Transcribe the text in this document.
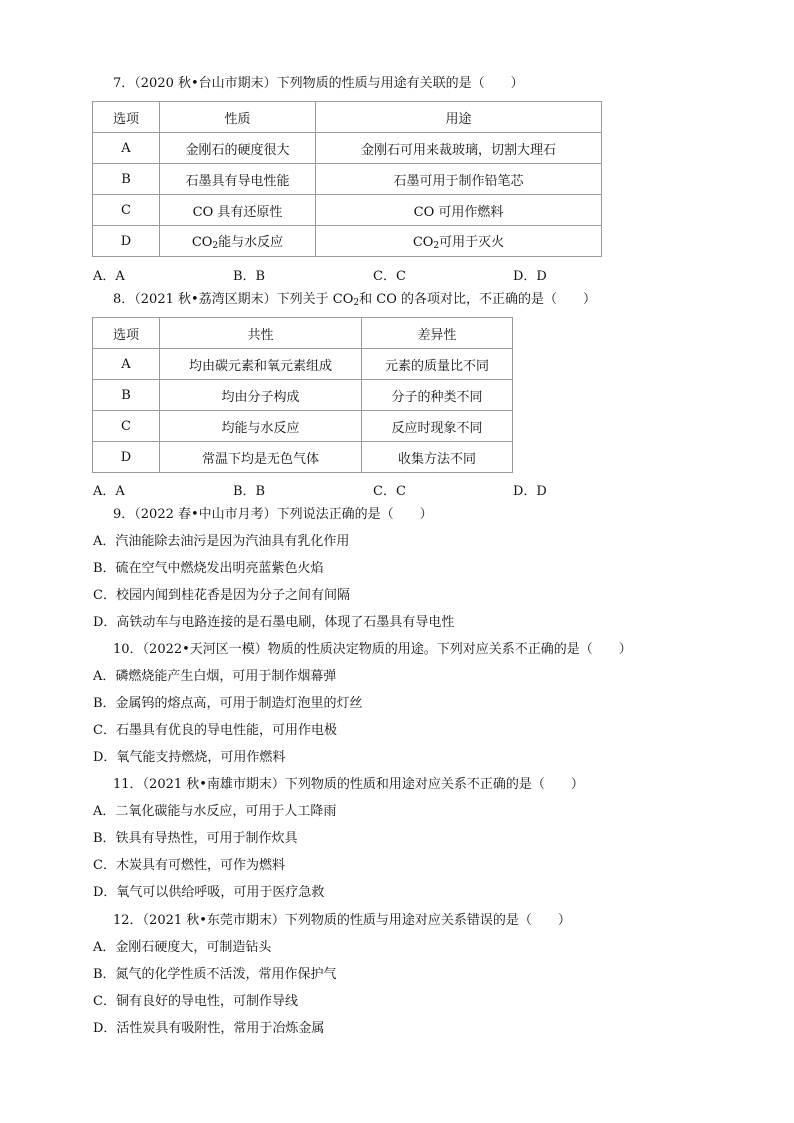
7．（2020 秋•台山市期末）下列物质的性质与用途有关联的是（　　）
选项	性质	用途
A	金刚石的硬度很大	金刚石可用来裁玻璃，切割大理石
B	石墨具有导电性能	石墨可用于制作铅笔芯
C	CO 具有还原性	CO 可用作燃料
D	$CO_2$能与水反应	$CO_2$可用于灭火
A．A	B．B	C．C	D．D
8．（2021 秋•荔湾区期末）下列关于 $CO_2$和 CO 的各项对比，不正确的是（　　）
选项	共性	差异性
A	均由碳元素和氧元素组成	元素的质量比不同
B	均由分子构成	分子的种类不同
C	均能与水反应	反应时现象不同
D	常温下均是无色气体	收集方法不同
A．A	B．B	C．C	D．D
9．（2022 春•中山市月考）下列说法正确的是（　　）
A．汽油能除去油污是因为汽油具有乳化作用
B．硫在空气中燃烧发出明亮蓝紫色火焰
C．校园内闻到桂花香是因为分子之间有间隔
D．高铁动车与电路连接的是石墨电刷，体现了石墨具有导电性
10．（2022•天河区一模）物质的性质决定物质的用途。下列对应关系不正确的是（　　）
A．磷燃烧能产生白烟，可用于制作烟幕弹
B．金属钨的熔点高，可用于制造灯泡里的灯丝
C．石墨具有优良的导电性能，可用作电极
D．氧气能支持燃烧，可用作燃料
11．（2021 秋•南雄市期末）下列物质的性质和用途对应关系不正确的是（　　）
A．二氧化碳能与水反应，可用于人工降雨
B．铁具有导热性，可用于制作炊具
C．木炭具有可燃性，可作为燃料
D．氧气可以供给呼吸，可用于医疗急救
12．（2021 秋•东莞市期末）下列物质的性质与用途对应关系错误的是（　　）
A．金刚石硬度大，可制造钻头
B．氮气的化学性质不活泼，常用作保护气
C．铜有良好的导电性，可制作导线
D．活性炭具有吸附性，常用于冶炼金属
